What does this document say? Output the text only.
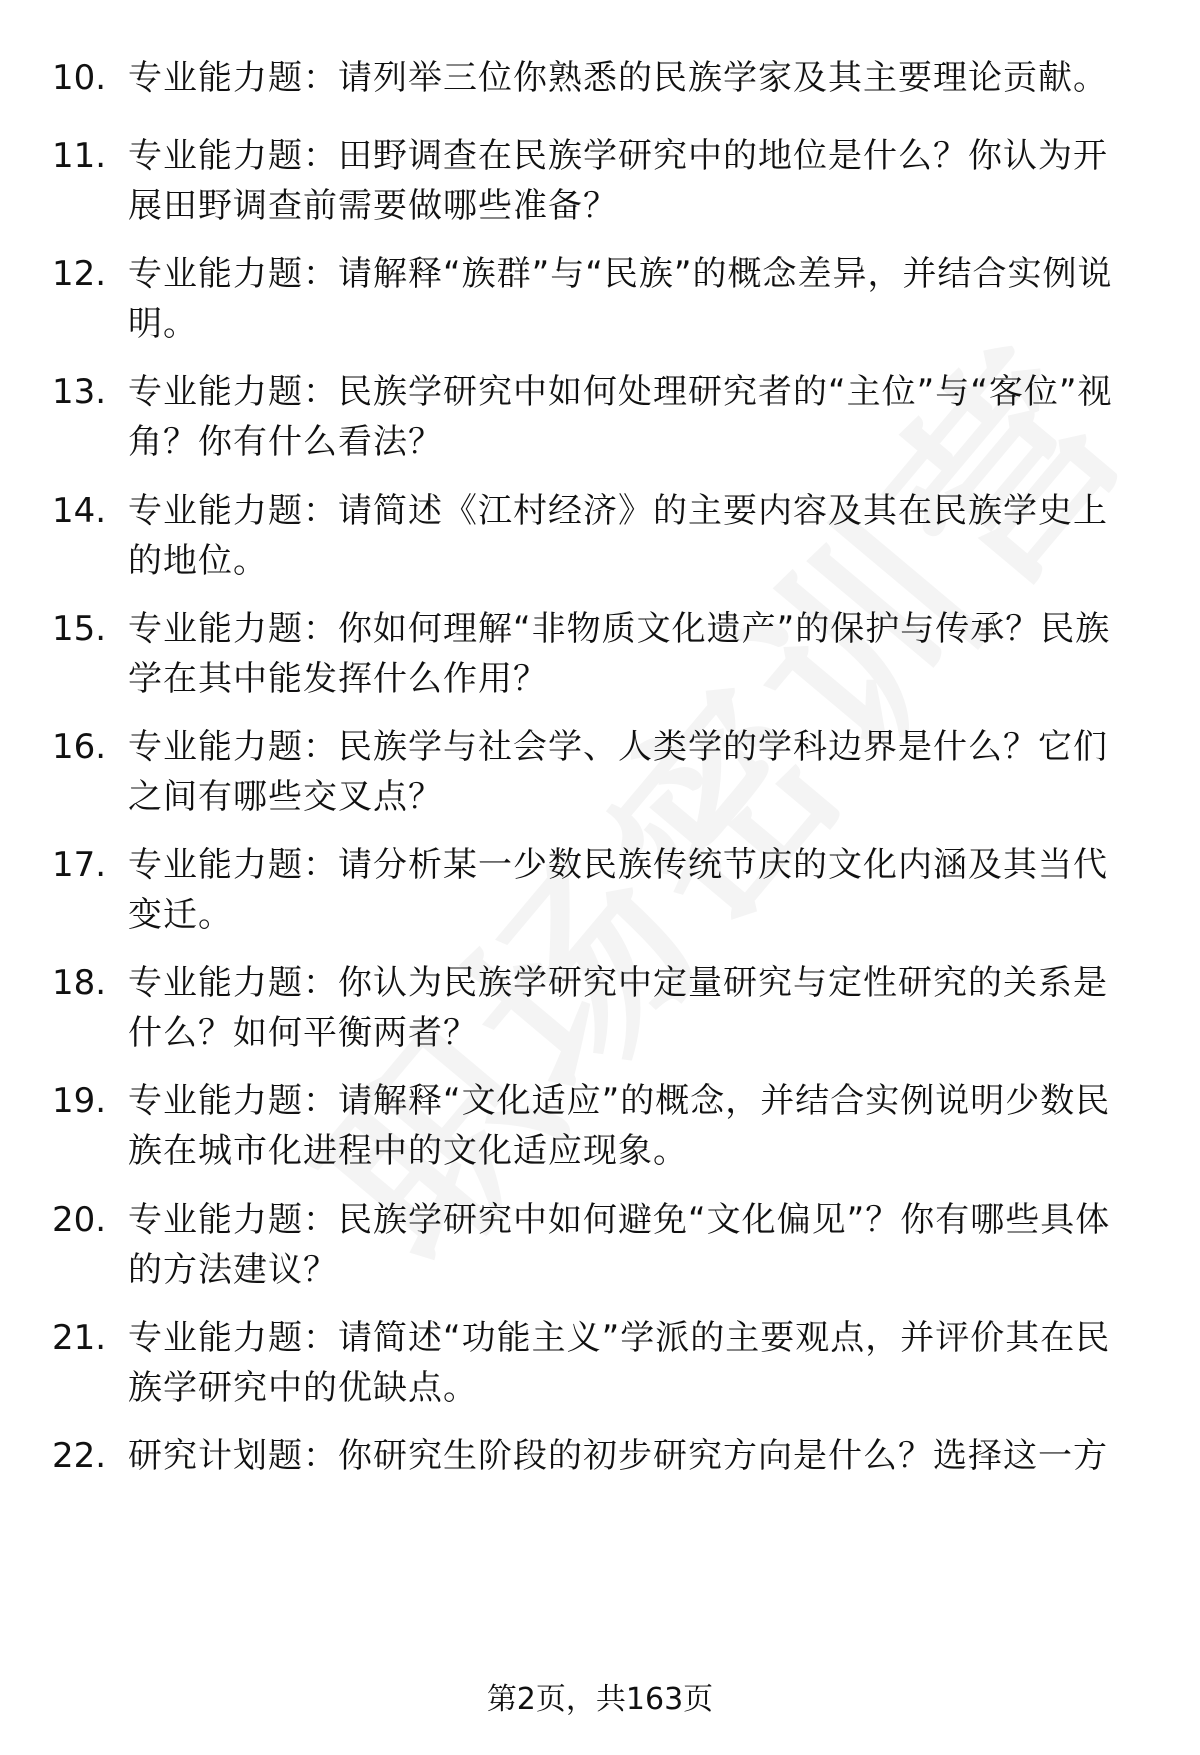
10. 专业能力题：请列举三位你熟悉的民族学家及其主要理论贡献。
11. 专业能力题：田野调查在民族学研究中的地位是什么？你认为开展田野调查前需要做哪些准备？
12. 专业能力题：请解释“族群”与“民族”的概念差异，并结合实例说明。
13. 专业能力题：民族学研究中如何处理研究者的“主位”与“客位”视角？你有什么看法？
14. 专业能力题：请简述《江村经济》的主要内容及其在民族学史上的地位。
15. 专业能力题：你如何理解“非物质文化遗产”的保护与传承？民族学在其中能发挥什么作用？
16. 专业能力题：民族学与社会学、人类学的学科边界是什么？它们之间有哪些交叉点？
17. 专业能力题：请分析某一少数民族传统节庆的文化内涵及其当代变迁。
18. 专业能力题：你认为民族学研究中定量研究与定性研究的关系是什么？如何平衡两者？
19. 专业能力题：请解释“文化适应”的概念，并结合实例说明少数民族在城市化进程中的文化适应现象。
20. 专业能力题：民族学研究中如何避免“文化偏见”？你有哪些具体的方法建议？
21. 专业能力题：请简述“功能主义”学派的主要观点，并评价其在民族学研究中的优缺点。
22. 研究计划题：你研究生阶段的初步研究方向是什么？选择这一方
第2页，共163页
